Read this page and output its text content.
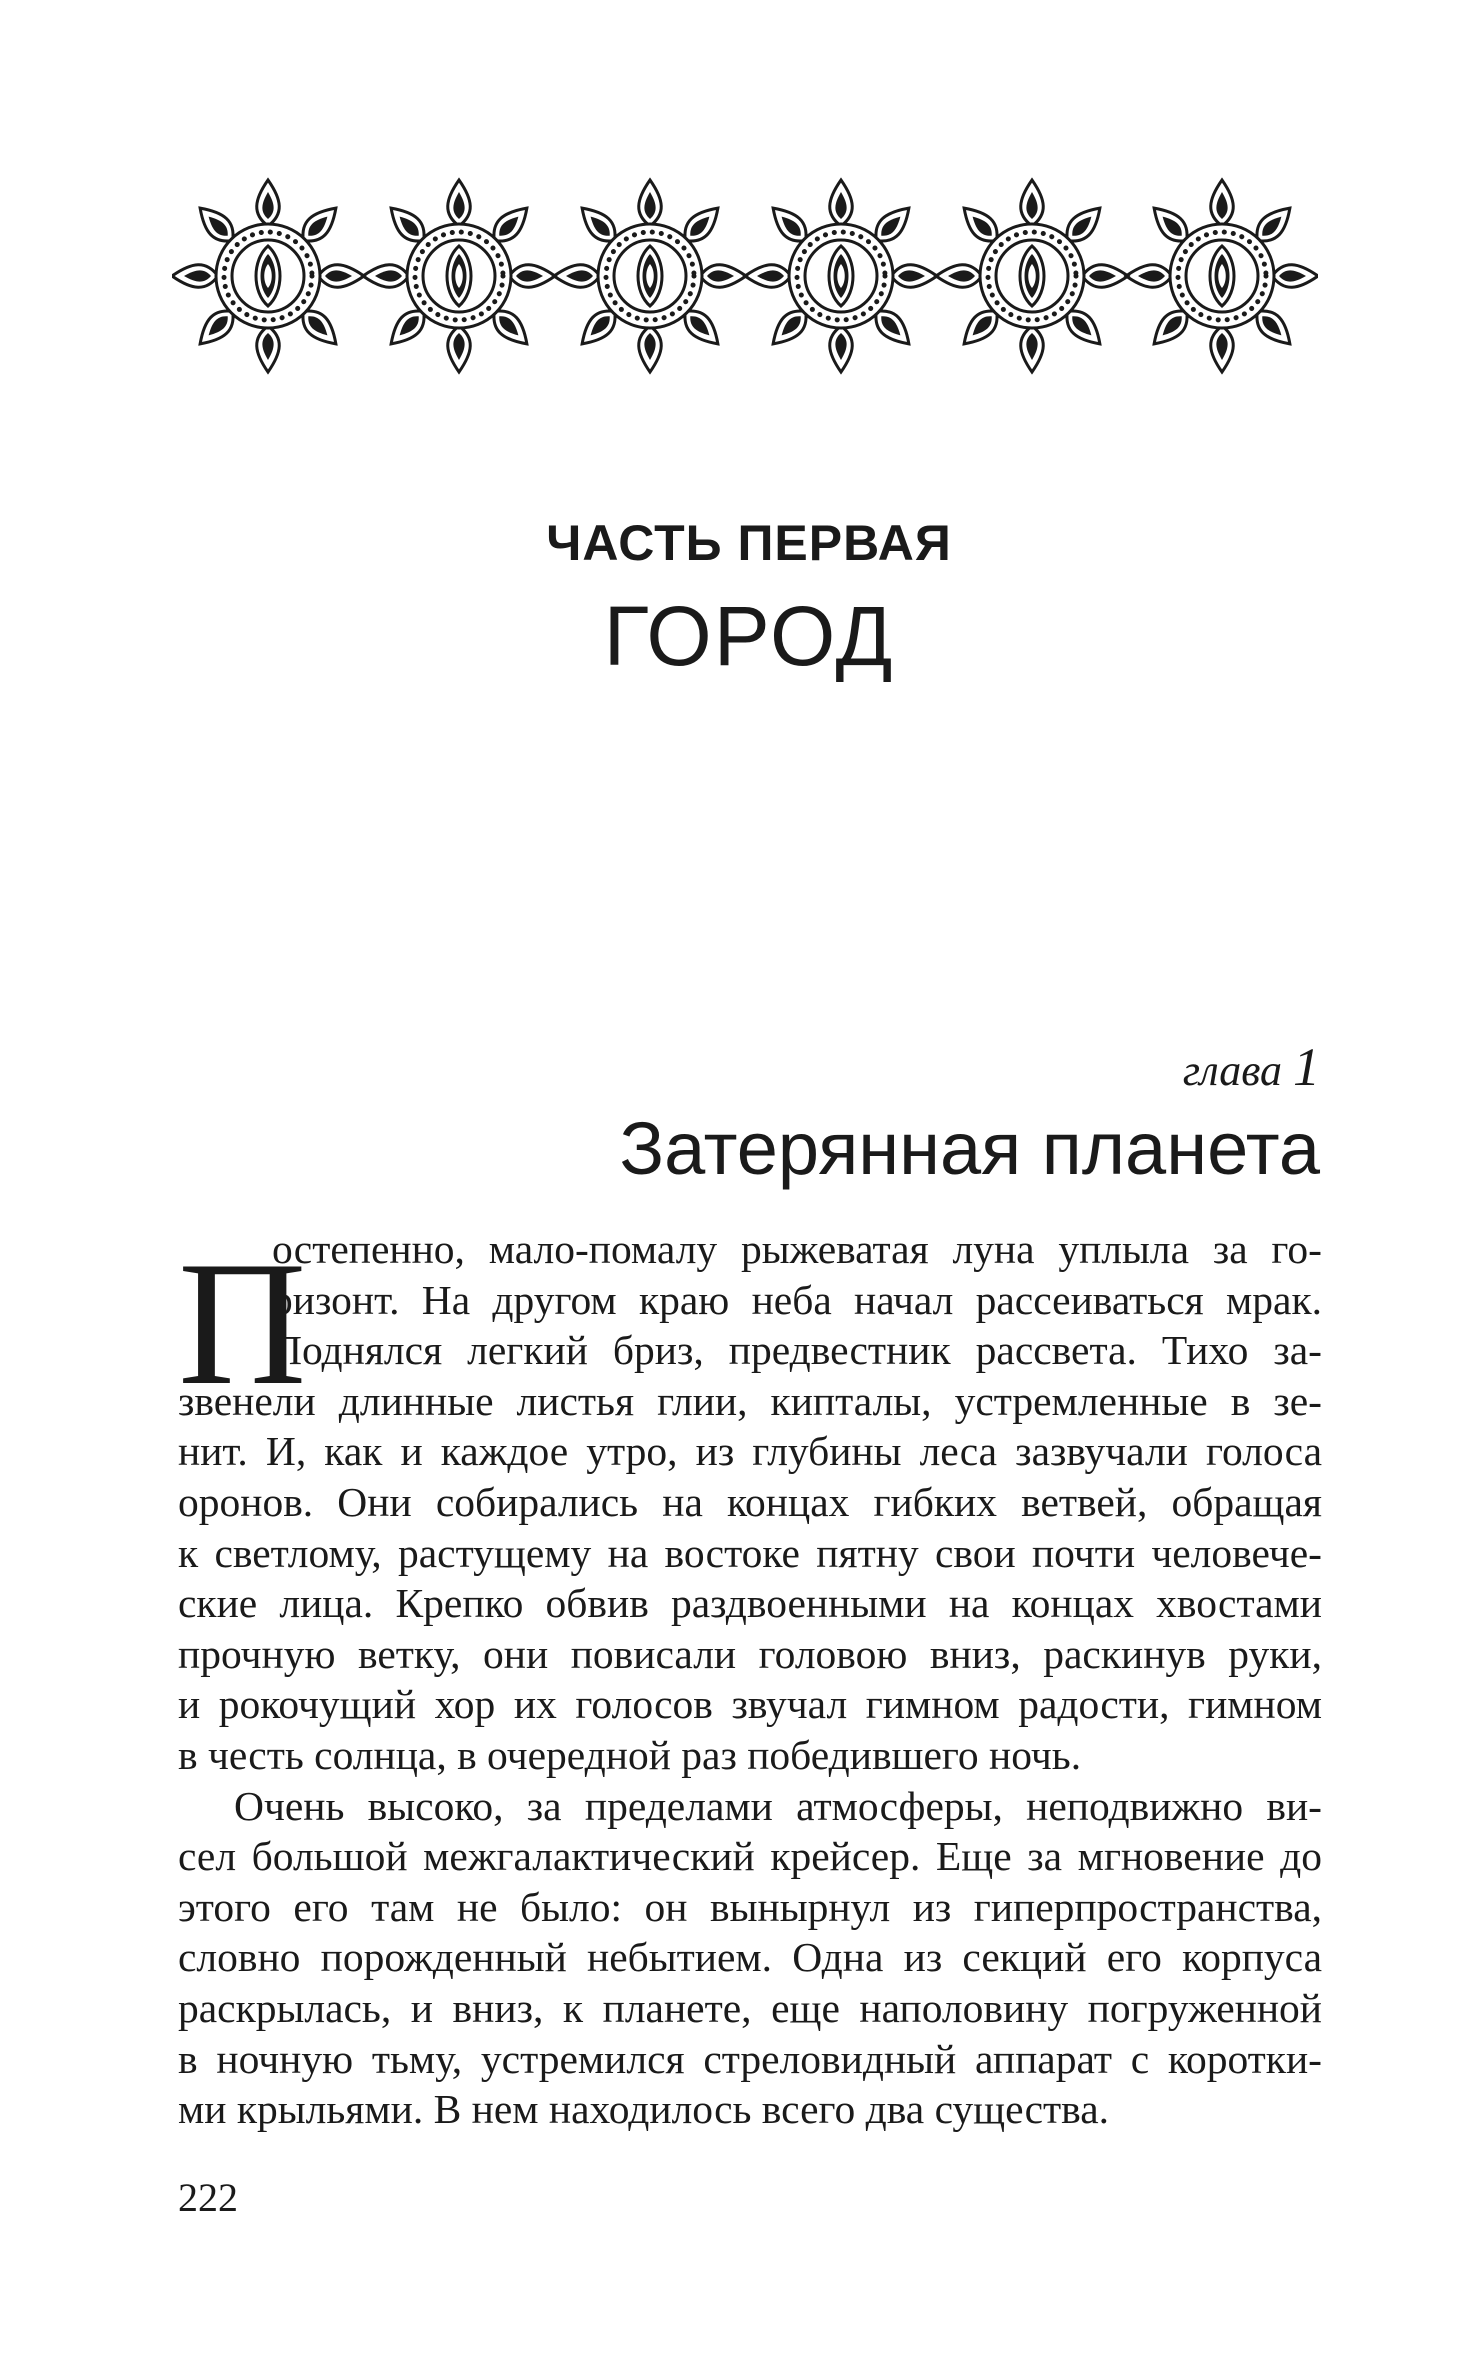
ЧАСТЬ ПЕРВАЯ
ГОРОД
глава 1
Затерянная планета
П

остепенно, мало-помалу рыжеватая луна уплыла за го-
ризонт. На другом краю неба начал рассеиваться мрак.
Поднялся легкий бриз, предвестник рассвета. Тихо за-
звенели длинные листья глии, кипталы, устремленные в зе-
нит. И, как и каждое утро, из глубины леса зазвучали голоса
оронов. Они собирались на концах гибких ветвей, обращая
к светлому, растущему на востоке пятну свои почти человече-
ские лица. Крепко обвив раздвоенными на концах хвостами
прочную ветку, они повисали головою вниз, раскинув руки,
и рокочущий хор их голосов звучал гимном радости, гимном
в честь солнца, в очередной раз победившего ночь.

Очень высоко, за пределами атмосферы, неподвижно ви-
сел большой межгалактический крейсер. Еще за мгновение до
этого его там не было: он вынырнул из гиперпространства,
словно порожденный небытием. Одна из секций его корпуса
раскрылась, и вниз, к планете, еще наполовину погруженной
в ночную тьму, устремился стреловидный аппарат с коротки-
ми крыльями. В нем находилось всего два существа.

222
